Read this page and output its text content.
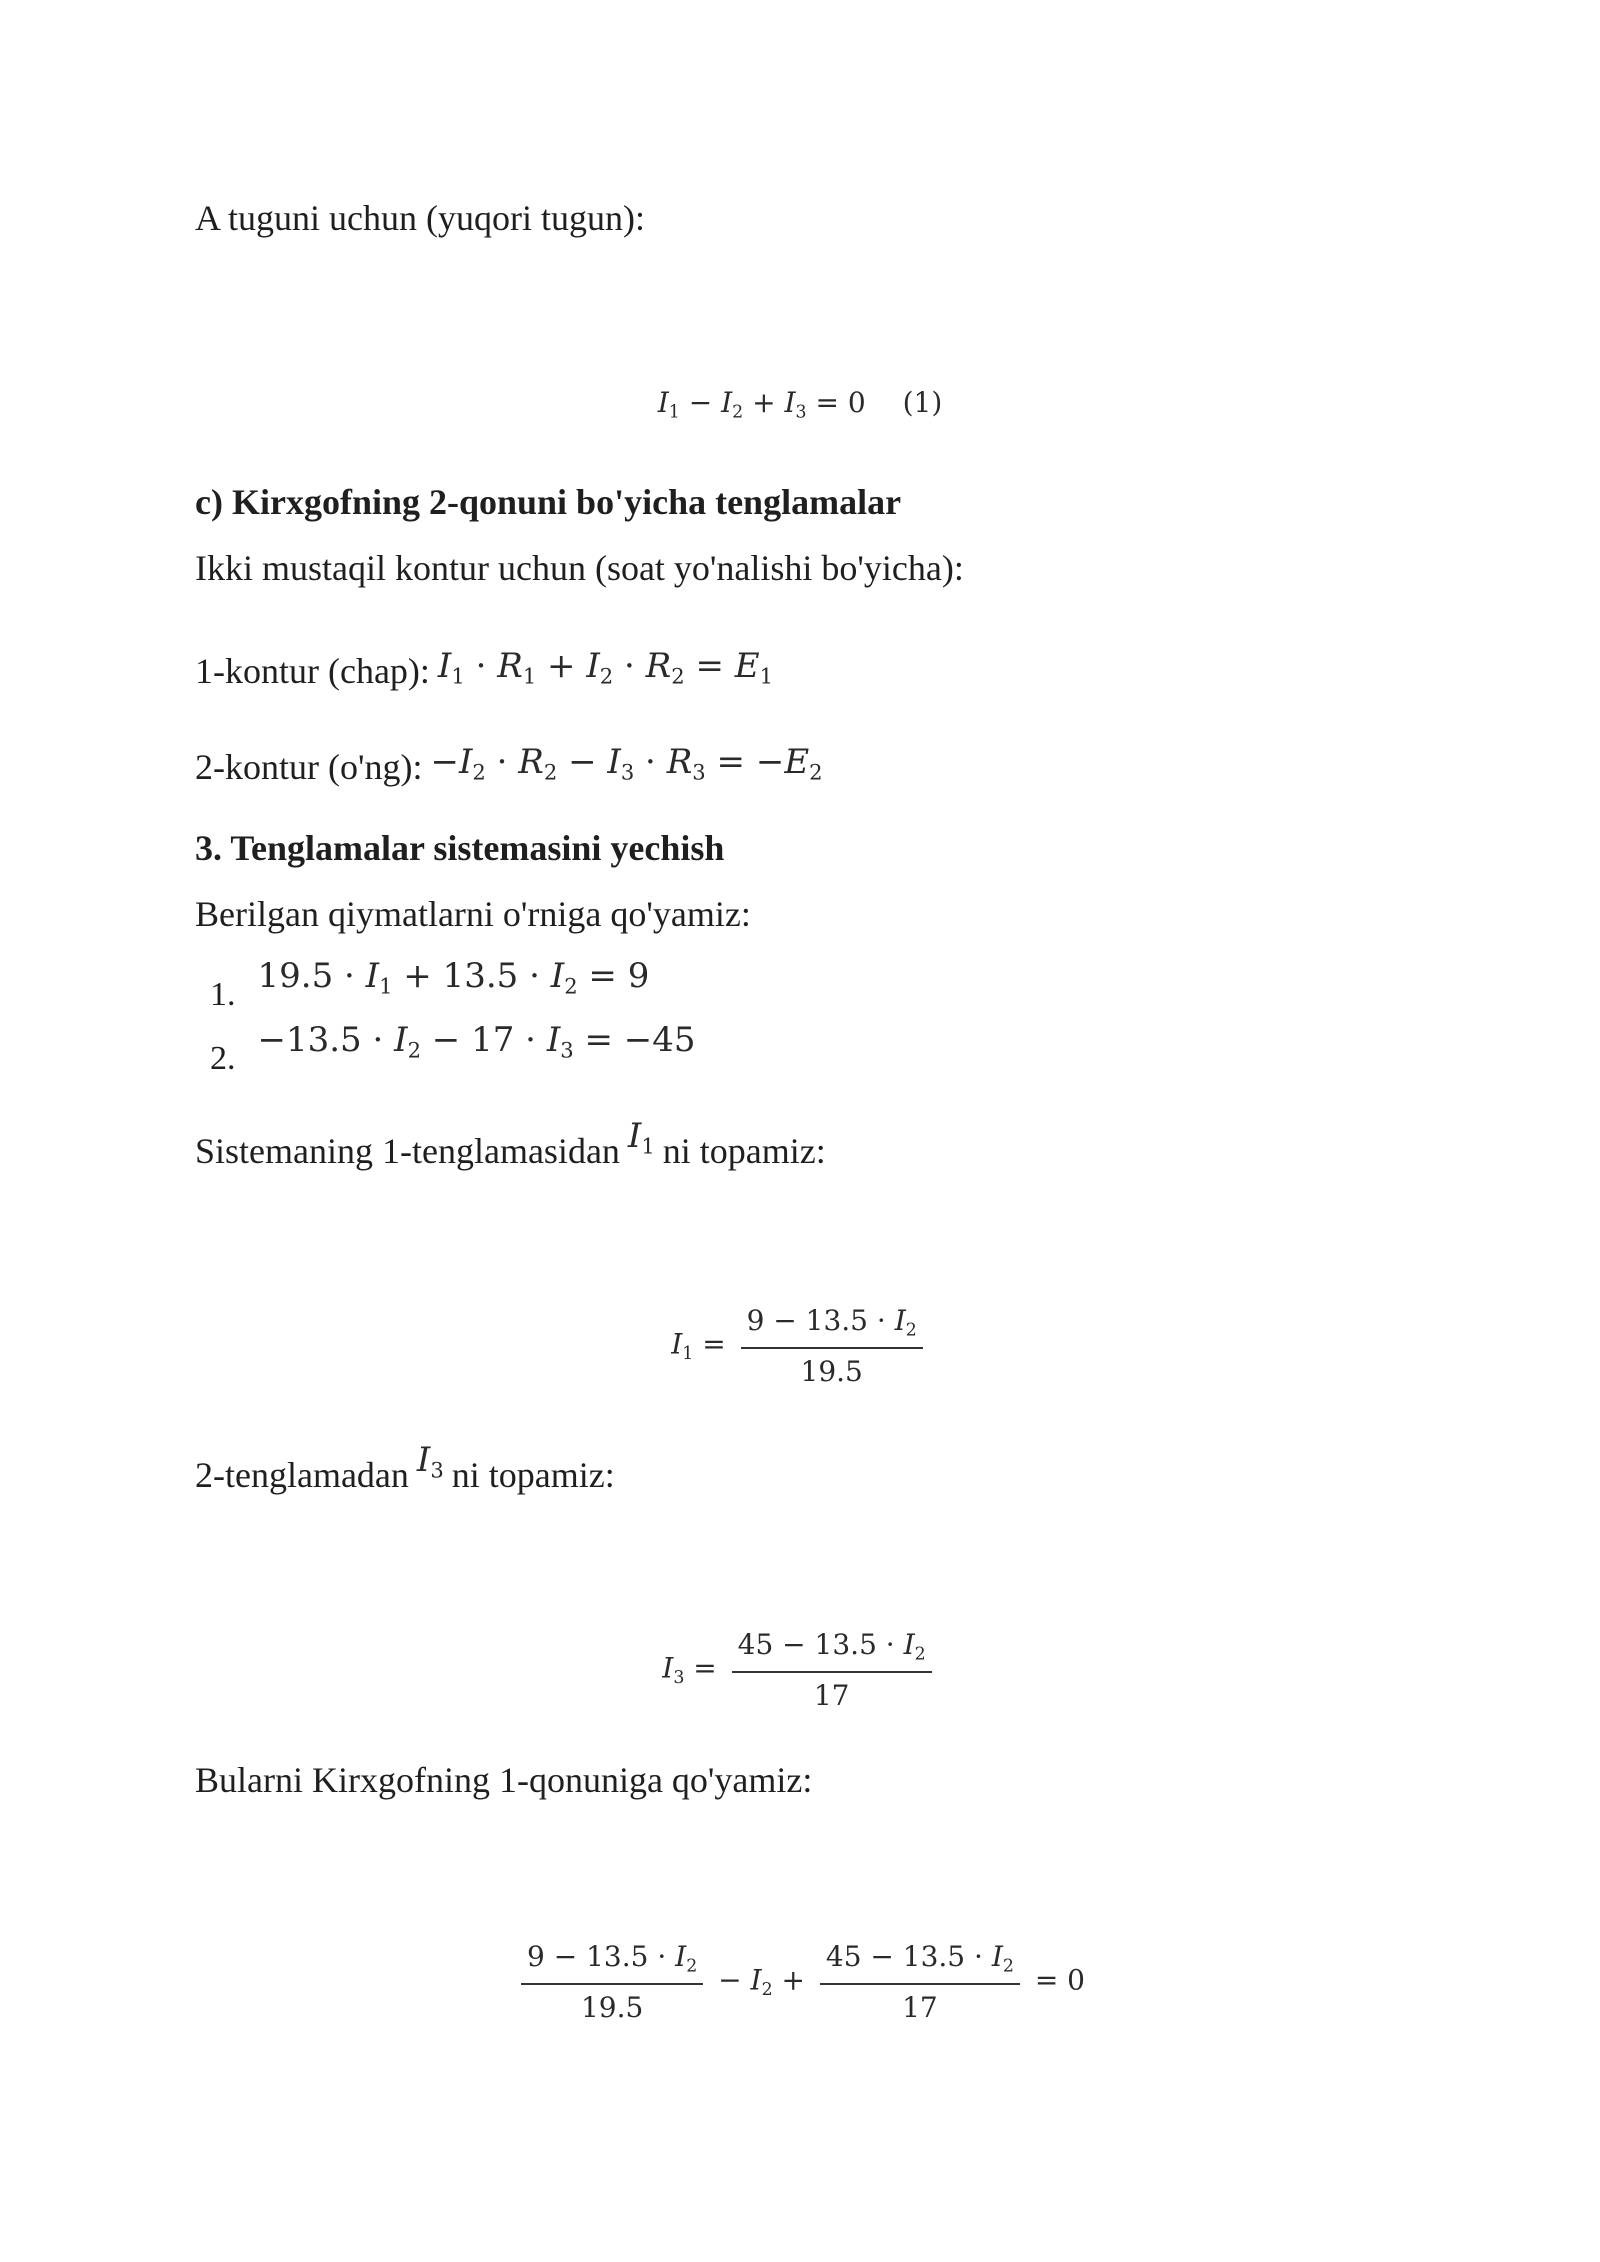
A tuguni uchun (yuqori tugun):
$I_1 - I_2 + I_3 = 0$ (1)
c) Kirxgofning 2-qonuni bo'yicha tenglamalar
Ikki mustaqil kontur uchun (soat yo'nalishi bo'yicha):
1-kontur (chap): $I_1 \cdot R_1 + I_2 \cdot R_2 = E_1$
2-kontur (o'ng): $-I_2 \cdot R_2 - I_3 \cdot R_3 = -E_2$
3. Tenglamalar sistemasini yechish
Berilgan qiymatlarni o'rniga qo'yamiz:
1. $19.5 \cdot I_1 + 13.5 \cdot I_2 = 9$
2. $-13.5 \cdot I_2 - 17 \cdot I_3 = -45$
Sistemaning 1-tenglamasidan $I_1$ ni topamiz:
$I_1 = \frac{9 - 13.5 \cdot I_2}{19.5}$
2-tenglamadan $I_3$ ni topamiz:
$I_3 = \frac{45 - 13.5 \cdot I_2}{17}$
Bularni Kirxgofning 1-qonuniga qo'yamiz:
$\frac{9 - 13.5 \cdot I_2}{19.5} - I_2 + \frac{45 - 13.5 \cdot I_2}{17} = 0$
